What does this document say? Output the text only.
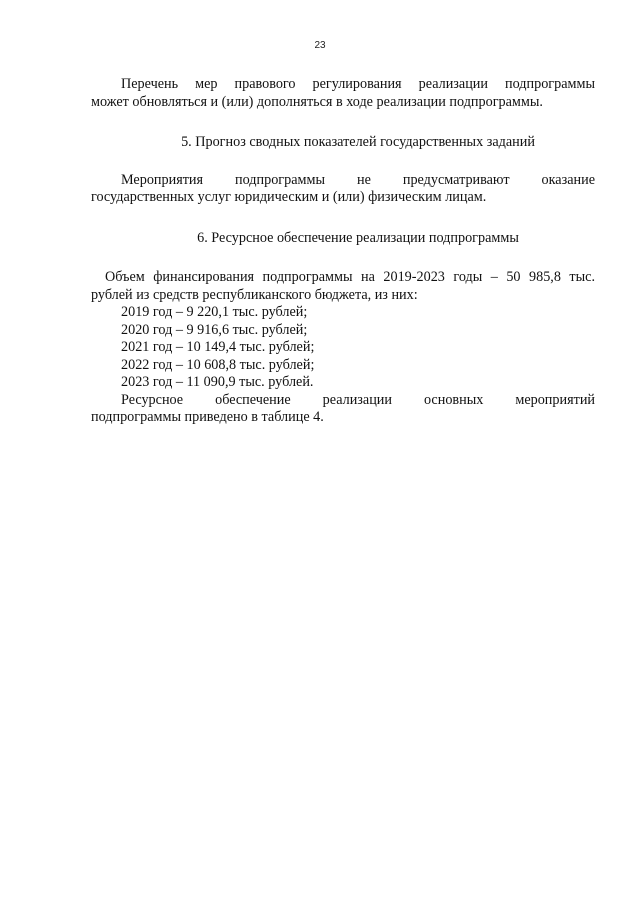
23

Перечень мер правового регулирования реализации подпрограммы

может обновляться и (или) дополняться в ходе реализации подпрограммы.

5. Прогноз сводных показателей государственных заданий

Мероприятия подпрограммы не предусматривают оказание

государственных услуг юридическим и (или) физическим лицам.

6. Ресурсное обеспечение реализации подпрограммы

Объем финансирования подпрограммы на 2019-2023 годы – 50 985,8 тыс.

рублей из средств республиканского бюджета, из них:

2019 год – 9 220,1 тыс. рублей;

2020 год – 9 916,6 тыс. рублей;

2021 год – 10 149,4 тыс. рублей;

2022 год – 10 608,8 тыс. рублей;

2023 год – 11 090,9 тыс. рублей.

Ресурсное обеспечение реализации основных мероприятий

подпрограммы приведено в таблице 4.
